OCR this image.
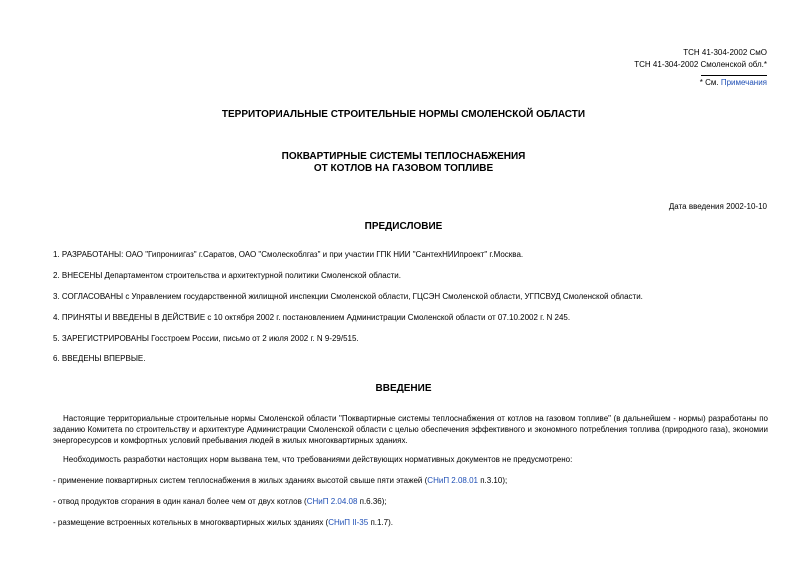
ТСН 41-304-2002 СмО
ТСН 41-304-2002 Смоленской обл.*
* См. Примечания
ТЕРРИТОРИАЛЬНЫЕ СТРОИТЕЛЬНЫЕ НОРМЫ СМОЛЕНСКОЙ ОБЛАСТИ
ПОКВАРТИРНЫЕ СИСТЕМЫ ТЕПЛОСНАБЖЕНИЯ
ОТ КОТЛОВ НА ГАЗОВОМ ТОПЛИВЕ
Дата введения 2002-10-10
ПРЕДИСЛОВИЕ
1. РАЗРАБОТАНЫ: ОАО "Гипрониигаз" г.Саратов, ОАО "Смолескоблгаз" и при участии ГПК НИИ "СантехНИИпроект" г.Москва.
2. ВНЕСЕНЫ Департаментом строительства и архитектурной политики Смоленской области.
3. СОГЛАСОВАНЫ с Управлением государственной жилищной инспекции Смоленской области, ГЦСЭН Смоленской области, УГПСВУД Смоленской области.
4. ПРИНЯТЫ И ВВЕДЕНЫ В ДЕЙСТВИЕ с 10 октября 2002 г. постановлением Администрации Смоленской области от 07.10.2002 г. N 245.
5. ЗАРЕГИСТРИРОВАНЫ Госстроем России, письмо от 2 июля 2002 г. N 9-29/515.
6. ВВЕДЕНЫ ВПЕРВЫЕ.
ВВЕДЕНИЕ
Настоящие территориальные строительные нормы Смоленской области "Поквартирные системы теплоснабжения от котлов на газовом топливе" (в дальнейшем - нормы) разработаны по заданию Комитета по строительству и архитектуре Администрации Смоленской области с целью обеспечения эффективного и экономного потребления топлива (природного газа), экономии энергоресурсов и комфортных условий пребывания людей в жилых многоквартирных зданиях.
Необходимость разработки настоящих норм вызвана тем, что требованиями действующих нормативных документов не предусмотрено:
- применение поквартирных систем теплоснабжения в жилых зданиях высотой свыше пяти этажей (СНиП 2.08.01 п.3.10);
- отвод продуктов сгорания в один канал более чем от двух котлов (СНиП 2.04.08 п.6.36);
- размещение встроенных котельных в многоквартирных жилых зданиях (СНиП II-35 п.1.7).
